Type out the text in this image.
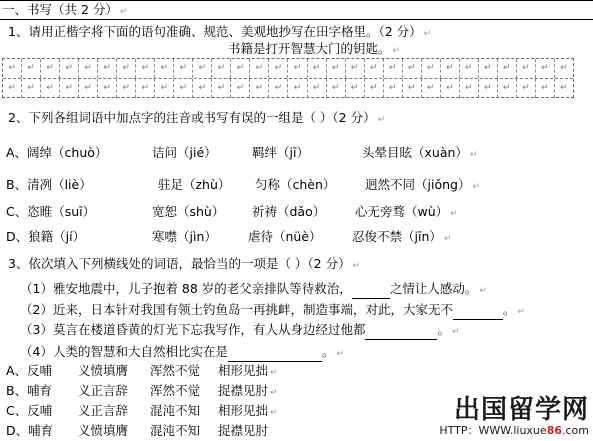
一、书写（共 2 分） ↵
1、请用正楷字将下面的语句准确、规范、美观地抄写在田字格里。（2 分） ↵
书籍是打开智慧大门的钥匙。 ↵
↵	↵	↵	↵	↵	↵	↵	↵	↵	↵	↵	↵	↵	↵	↵	↵	↵	↵	↵	↵	↵	↵	↵	↵	↵	↵	↵	↵	↵	↵
↵	↵	↵	↵	↵	↵	↵	↵	↵	↵	↵	↵	↵	↵	↵	↵	↵	↵	↵	↵	↵	↵	↵	↵	↵	↵	↵	↵	↵	↵
2、下列各组词语中加点字的注音或书写有误的一组是（ ）（2 分） ↵
A、阔绰（chuò）	诘问（jié）	羁绊（jī）	头晕目眩（xuàn） ↵
B、清冽（liè）	驻足（zhù） 匀称（chèn） 迥然不同（jiǒng） ↵
C、恣睢（suī）	宽恕（shù） 祈祷（dǎo） 心无旁骛（wù） ↵
D、狼籍（jí）	寒噤（jìn） 虐待（nüè） 忍俊不禁（jīn） ↵
3、依次填入下列横线处的词语，最恰当的一项是（ ）（2 分） ↵
（1）雅安地震中，儿子抱着 88 岁的老父亲排队等待救治，	之情让人感动。 ↵
（2）近来，日本针对我国有领土钓鱼岛一再挑衅，制造事端，对此，大家无不	。 ↵
（3）莫言在楼道昏黄的灯光下忘我写作，有人从身边经过他都	。 ↵
（4）人类的智慧和大自然相比实在是	。 ↵
A、反哺 义愤填膺 浑然不觉 相形见拙 ↵
B、哺育 义正言辞 浑然不觉 捉襟见肘 ↵
C、反哺 义正言辞 混沌不知 相形见拙 ↵
D、哺育 义愤填膺 混沌不知 捉襟见肘
出国留学网
HTTP：WWW.liuxue86.com
